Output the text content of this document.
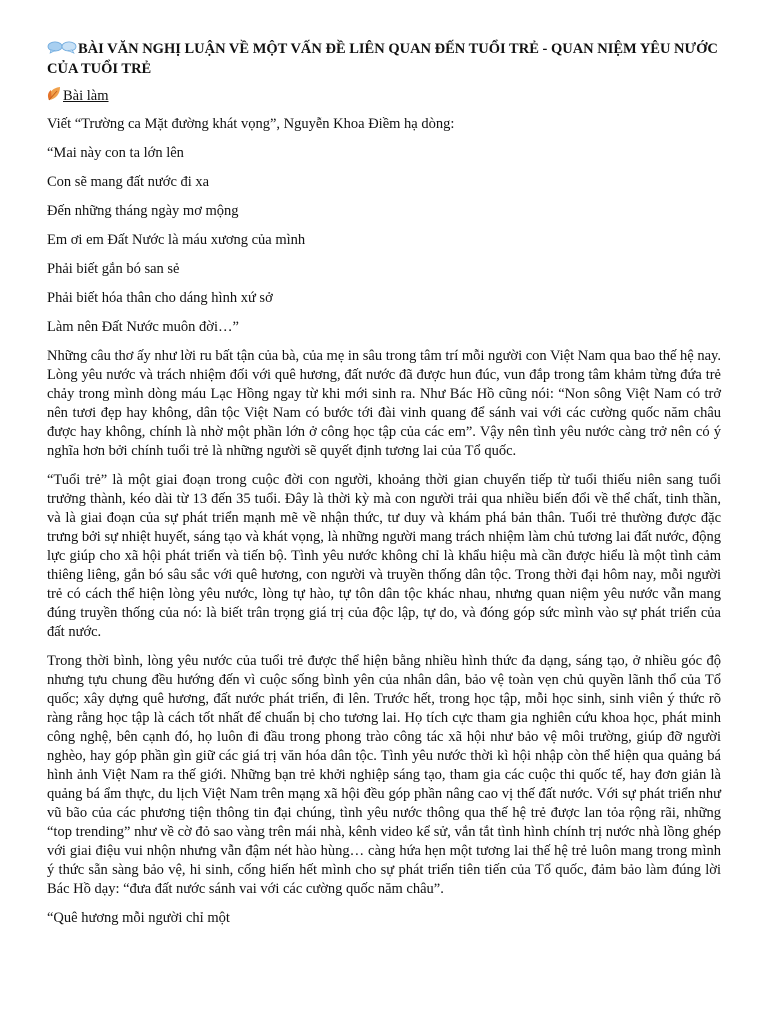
BÀI VĂN NGHỊ LUẬN VỀ MỘT VẤN ĐỀ LIÊN QUAN ĐẾN TUỔI TRẺ - QUAN NIỆM YÊU NƯỚC CỦA TUỔI TRẺ
Bài làm
Viết “Trường ca Mặt đường khát vọng”, Nguyễn Khoa Điềm hạ dòng:
“Mai này con ta lớn lên
Con sẽ mang đất nước đi xa
Đến những tháng ngày mơ mộng
Em ơi em Đất Nước là máu xương của mình
Phải biết gắn bó san sẻ
Phải biết hóa thân cho dáng hình xứ sở
Làm nên Đất Nước muôn đời…”
Những câu thơ ấy như lời ru bất tận của bà, của mẹ in sâu trong tâm trí mỗi người con Việt Nam qua bao thế hệ nay. Lòng yêu nước và trách nhiệm đối với quê hương, đất nước đã được hun đúc, vun đắp trong tâm khảm từng đứa trẻ chảy trong mình dòng máu Lạc Hồng ngay từ khi mới sinh ra. Như Bác Hồ cũng nói: “Non sông Việt Nam có trở nên tươi đẹp hay không, dân tộc Việt Nam có bước tới đài vinh quang để sánh vai với các cường quốc năm châu được hay không, chính là nhờ một phần lớn ở công học tập của các em”. Vậy nên tình yêu nước càng trở nên có ý nghĩa hơn bởi chính tuổi trẻ là những người sẽ quyết định tương lai của Tổ quốc.
“Tuổi trẻ” là một giai đoạn trong cuộc đời con người, khoảng thời gian chuyển tiếp từ tuổi thiếu niên sang tuổi trưởng thành, kéo dài từ 13 đến 35 tuổi. Đây là thời kỳ mà con người trải qua nhiều biến đổi về thể chất, tinh thần, và là giai đoạn của sự phát triển mạnh mẽ về nhận thức, tư duy và khám phá bản thân. Tuổi trẻ thường được đặc trưng bởi sự nhiệt huyết, sáng tạo và khát vọng, là những người mang trách nhiệm làm chủ tương lai đất nước, động lực giúp cho xã hội phát triển và tiến bộ. Tình yêu nước không chỉ là khẩu hiệu mà cần được hiểu là một tình cảm thiêng liêng, gắn bó sâu sắc với quê hương, con người và truyền thống dân tộc. Trong thời đại hôm nay, mỗi người trẻ có cách thể hiện lòng yêu nước, lòng tự hào, tự tôn dân tộc khác nhau, nhưng quan niệm yêu nước vẫn mang đúng truyền thống của nó: là biết trân trọng giá trị của độc lập, tự do, và đóng góp sức mình vào sự phát triển của đất nước.
Trong thời bình, lòng yêu nước của tuổi trẻ được thể hiện bằng nhiều hình thức đa dạng, sáng tạo, ở nhiều góc độ nhưng tựu chung đều hướng đến vì cuộc sống bình yên của nhân dân, bảo vệ toàn vẹn chủ quyền lãnh thổ của Tổ quốc; xây dựng quê hương, đất nước phát triển, đi lên. Trước hết, trong học tập, mỗi học sinh, sinh viên ý thức rõ ràng rằng học tập là cách tốt nhất để chuẩn bị cho tương lai. Họ tích cực tham gia nghiên cứu khoa học, phát minh công nghệ, bên cạnh đó, họ luôn đi đầu trong phong trào công tác xã hội như bảo vệ môi trường, giúp đỡ người nghèo, hay góp phần gìn giữ các giá trị văn hóa dân tộc. Tình yêu nước thời kì hội nhập còn thể hiện qua quảng bá hình ảnh Việt Nam ra thế giới. Những bạn trẻ khởi nghiệp sáng tạo, tham gia các cuộc thi quốc tế, hay đơn giản là quảng bá ẩm thực, du lịch Việt Nam trên mạng xã hội đều góp phần nâng cao vị thế đất nước. Với sự phát triển như vũ bão của các phương tiện thông tin đại chúng, tình yêu nước thông qua thế hệ trẻ được lan tỏa rộng rãi, những “top trending” như về cờ đỏ sao vàng trên mái nhà, kênh video kể sử, vắn tắt tình hình chính trị nước nhà lồng ghép với giai điệu vui nhộn nhưng vẫn đậm nét hào hùng… càng hứa hẹn một tương lai thế hệ trẻ luôn mang trong mình ý thức sẵn sàng bảo vệ, hi sinh, cống hiến hết mình cho sự phát triển tiên tiến của Tổ quốc, đảm bảo làm đúng lời Bác Hồ dạy: “đưa đất nước sánh vai với các cường quốc năm châu”.
“Quê hương mỗi người chỉ một
